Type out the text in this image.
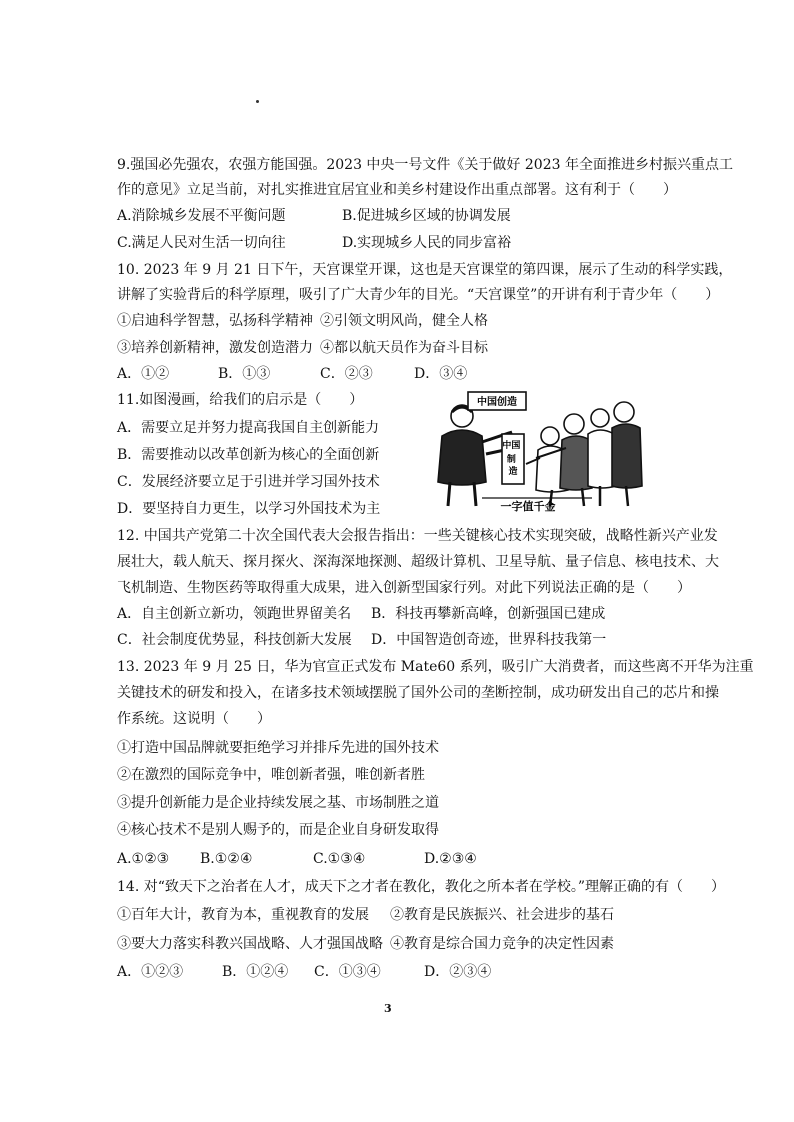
9.强国必先强农，农强方能国强。2023 中央一号文件《关于做好 2023 年全面推进乡村振兴重点工
作的意见》立足当前，对扎实推进宜居宜业和美乡村建设作出重点部署。这有利于（　　）
A.消除城乡发展不平衡问题	B.促进城乡区域的协调发展
C.满足人民对生活一切向往	D.实现城乡人民的同步富裕
10. 2023 年 9 月 21 日下午，天宫课堂开课，这也是天宫课堂的第四课，展示了生动的科学实践，
讲解了实验背后的科学原理，吸引了广大青少年的目光。“天宫课堂”的开讲有利于青少年（　　）
①启迪科学智慧，弘扬科学精神 ②引领文明风尚，健全人格
③培养创新精神，激发创造潜力 ④都以航天员作为奋斗目标
A．①②	B．①③	C．②③	D．③④
11.如图漫画，给我们的启示是（　　）
A．需要立足并努力提高我国自主创新能力
B．需要推动以改革创新为核心的全面创新
C．发展经济要立足于引进并学习国外技术
D．要坚持自力更生，以学习外国技术为主
中国创造
中国 制 造
中国制造
一字值千金
12. 中国共产党第二十次全国代表大会报告指出：一些关键核心技术实现突破，战略性新兴产业发
展壮大，载人航天、探月探火、深海深地探测、超级计算机、卫星导航、量子信息、核电技术、大
飞机制造、生物医药等取得重大成果，进入创新型国家行列。对此下列说法正确的是（　　）
A．自主创新立新功，领跑世界留美名 B．科技再攀新高峰，创新强国已建成
C．社会制度优势显，科技创新大发展 D．中国智造创奇迹，世界科技我第一
13. 2023 年 9 月 25 日，华为官宣正式发布 Mate60 系列，吸引广大消费者，而这些离不开华为注重
关键技术的研发和投入，在诸多技术领域摆脱了国外公司的垄断控制，成功研发出自己的芯片和操
作系统。这说明（　　）
①打造中国品牌就要拒绝学习并排斥先进的国外技术
②在激烈的国际竞争中，唯创新者强，唯创新者胜
③提升创新能力是企业持续发展之基、市场制胜之道
④核心技术不是别人赐予的，而是企业自身研发取得
A.①②③ B.①②④	C.①③④	D.②③④
14. 对“致天下之治者在人才，成天下之才者在教化，教化之所本者在学校。”理解正确的有（　　）
①百年大计，教育为本，重视教育的发展 ②教育是民族振兴、社会进步的基石
③要大力落实科教兴国战略、人才强国战略 ④教育是综合国力竞争的决定性因素
A．①②③	B．①②④ C．①③④	D．②③④
3
